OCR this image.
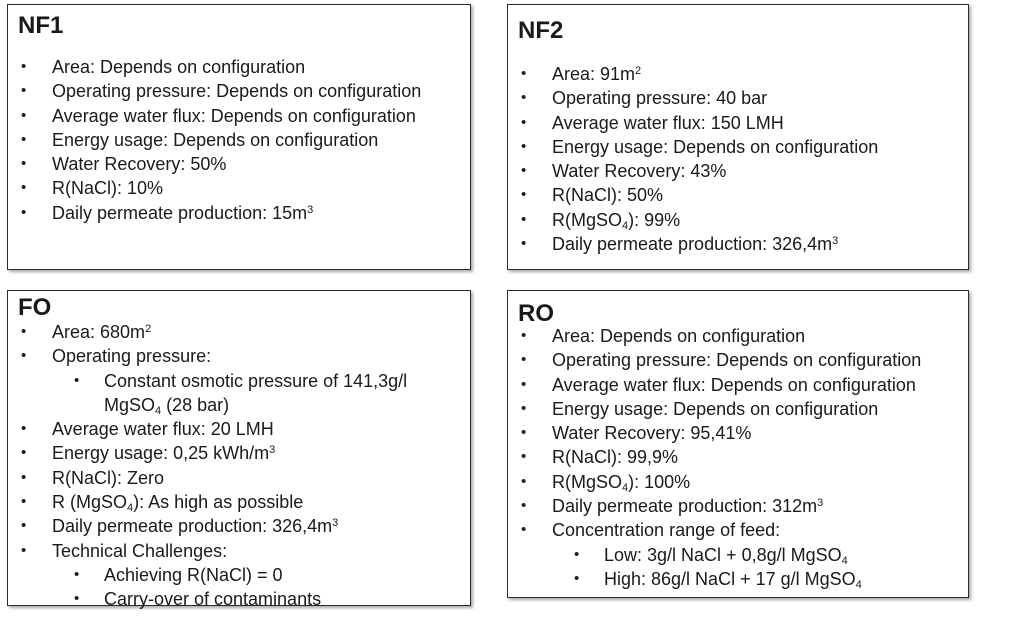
NF1
• Area: Depends on configuration
• Operating pressure: Depends on configuration
• Average water flux: Depends on configuration
• Energy usage: Depends on configuration
• Water Recovery: 50%
• R(NaCl): 10%
• Daily permeate production: $15m^3$
NF2
• Area: $91m^2$
• Operating pressure: 40 bar
• Average water flux: 150 LMH
• Energy usage: Depends on configuration
• Water Recovery: 43%
• R(NaCl): 50%
• R(MgSO$_4$): 99%
• Daily permeate production: $326,4m^3$
FO
• Area: $680m^2$
• Operating pressure:
• Constant osmotic pressure of 141,3g/l
MgSO$_4$ (28 bar)
• Average water flux: 20 LMH
• Energy usage: 0,25 kWh/$m^3$
• R(NaCl): Zero
• R (MgSO$_4$): As high as possible
• Daily permeate production: $326,4m^3$
• Technical Challenges:
• Achieving R(NaCl) = 0
• Carry-over of contaminants
RO
• Area: Depends on configuration
• Operating pressure: Depends on configuration
• Average water flux: Depends on configuration
• Energy usage: Depends on configuration
• Water Recovery: 95,41%
• R(NaCl): 99,9%
• R(MgSO$_4$): 100%
• Daily permeate production: $312m^3$
• Concentration range of feed:
• Low: 3g/l NaCl + 0,8g/l MgSO$_4$
• High: 86g/l NaCl + 17 g/l MgSO$_4$
